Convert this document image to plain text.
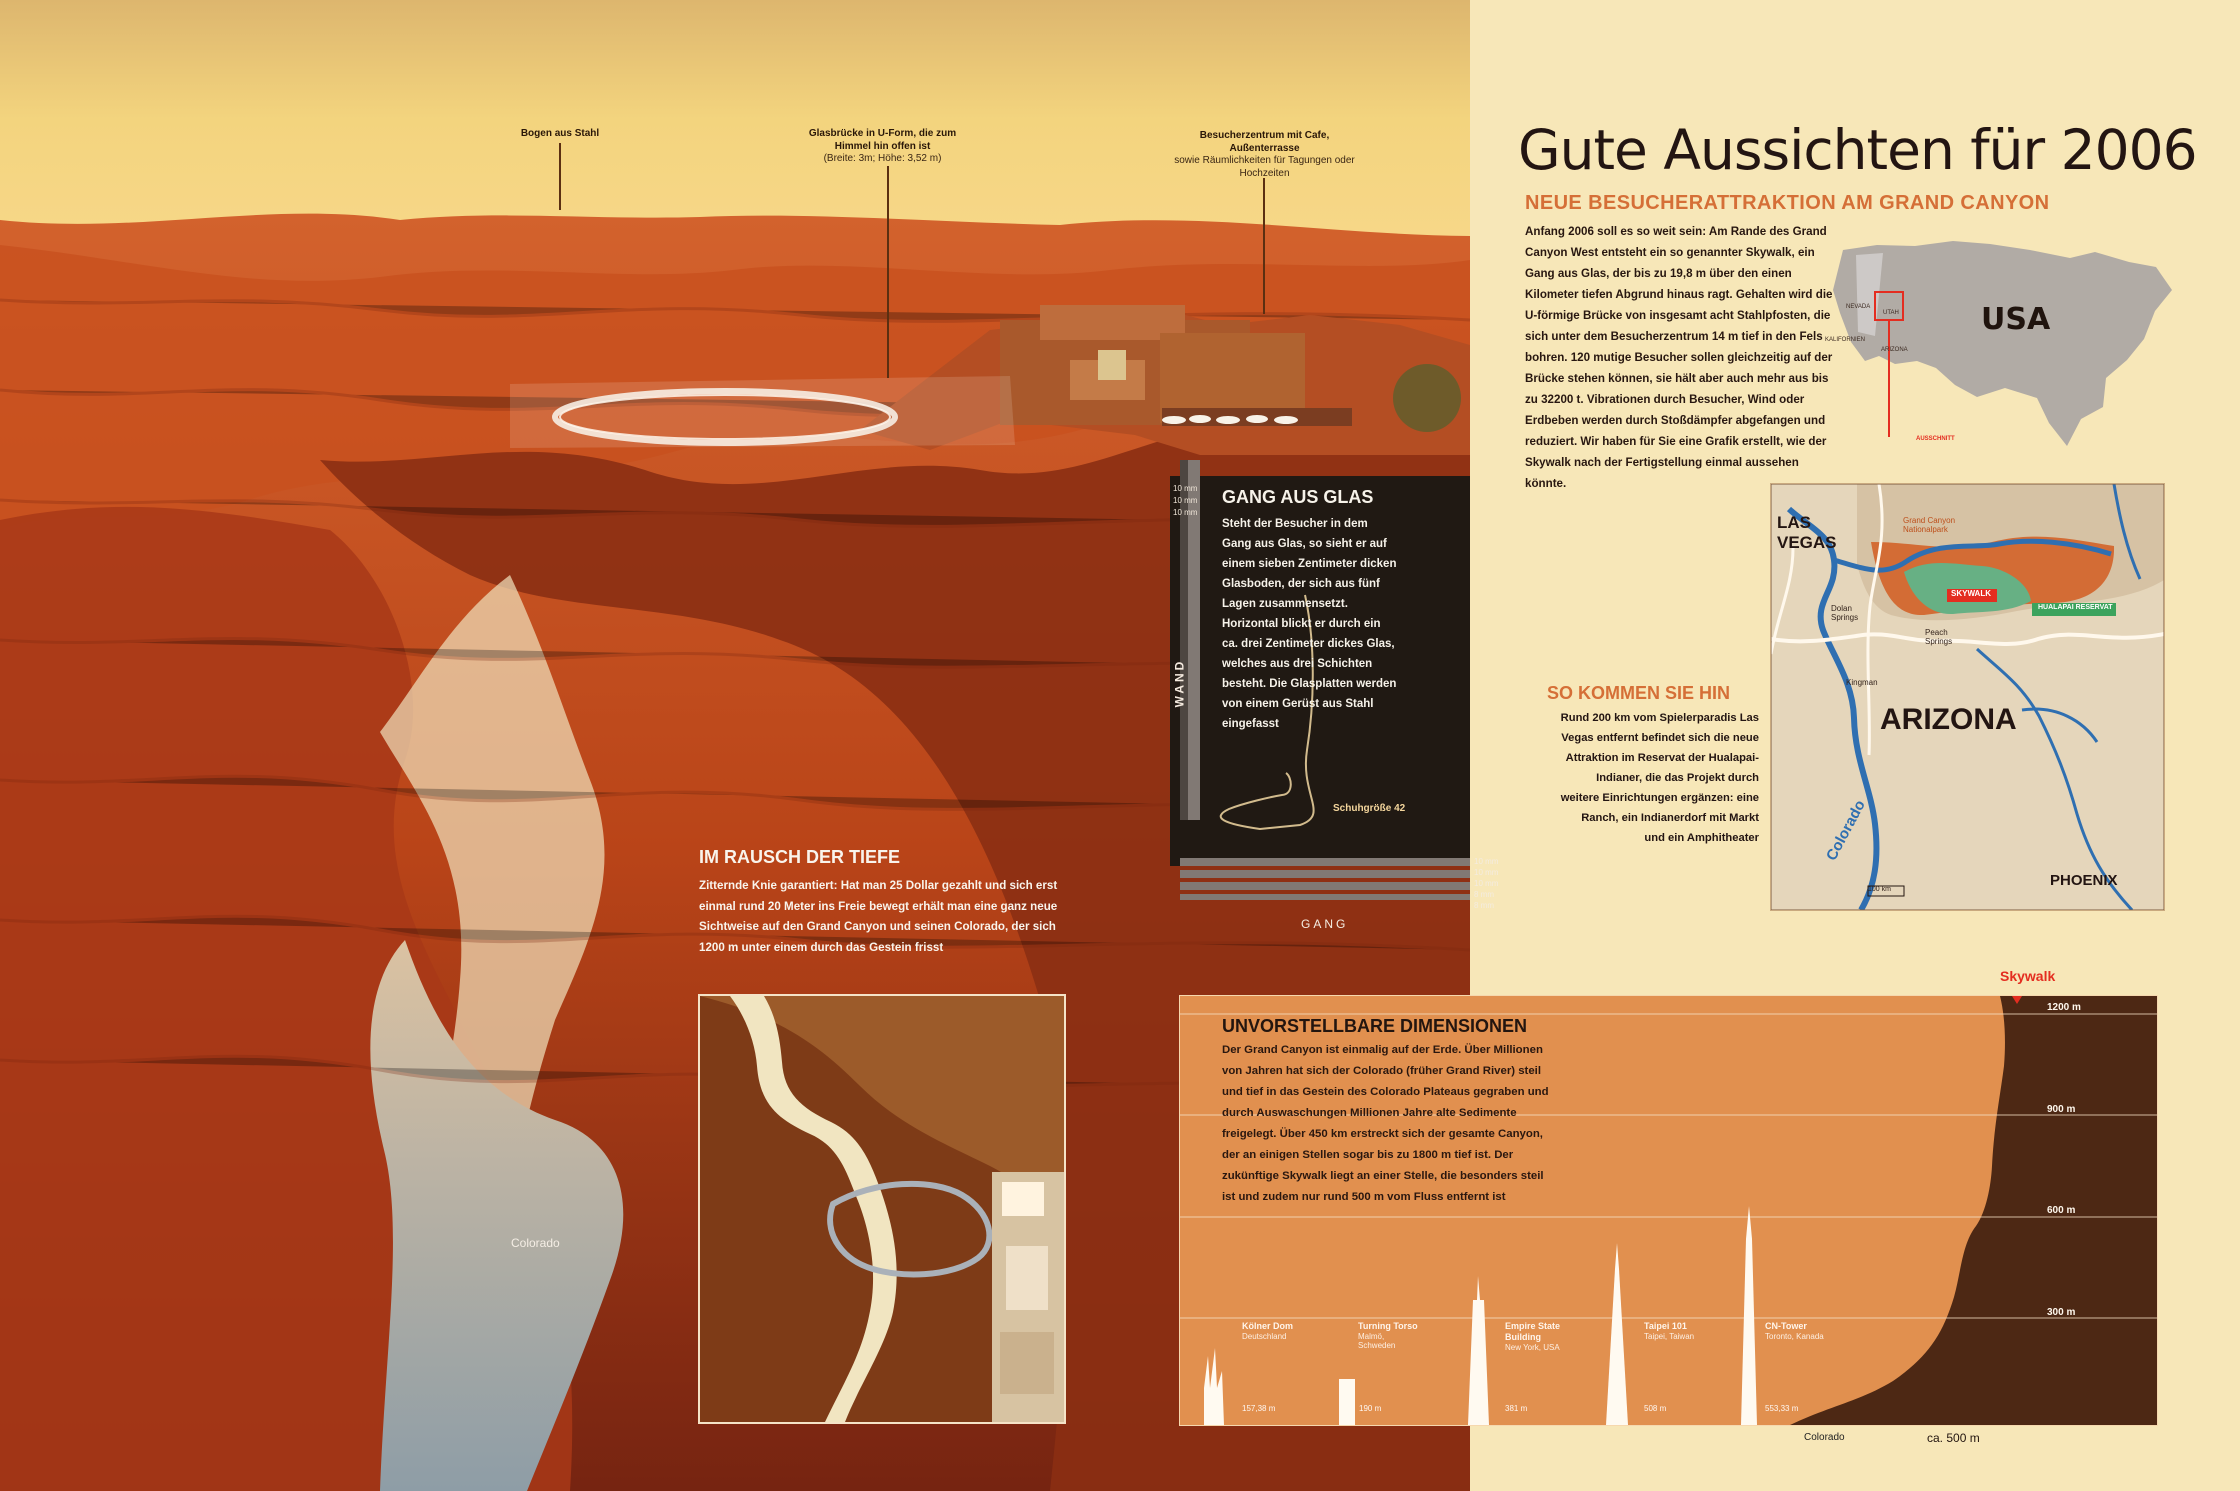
Bogen aus Stahl	Glasbrücke in U-Form, die zum Himmel hin offen ist
(Breite: 3m; Höhe: 3,52 m)
Besucherzentrum mit Cafe, Außenterrasse
sowie Räumlichkeiten für Tagungen oder Hochzeiten	Gute Aussichten für 2006
NEUE BESUCHERATTRAKTION AM GRAND CANYON
Anfang 2006 soll es so weit sein: Am Rande des Grand Canyon West entsteht ein so genannter Skywalk, ein Gang aus Glas, der bis zu 19,8 m über den einen Kilometer tiefen Abgrund hinaus ragt. Gehalten wird die U-förmige Brücke von insgesamt acht Stahlpfosten, die sich unter dem Besucherzentrum 14 m tief in den Fels bohren. 120 mutige Besucher sollen gleichzeitig auf der Brücke stehen können, sie hält aber auch mehr aus bis zu 32200 t. Vibrationen durch Besucher, Wind oder Erdbeben werden durch Stoßdämpfer abgefangen und reduziert. Wir haben für Sie eine Grafik erstellt, wie der Skywalk nach der Fertigstellung einmal aussehen könnte.
USA
NEVADA
UTAH
KALIFORNIEN
ARIZONA
AUSSCHNITT
LAS VEGAS
ARIZONA
PHOENIX
Colorado
Grand Canyon Nationalpark
Dolan Springs
Peach Springs
Kingman
SKYWALK
HUALAPAI RESERVAT
100 km
SO KOMMEN SIE HIN
Rund 200 km vom Spielerparadis Las Vegas entfernt befindet sich die neue Attraktion im Reservat der Hualapai-Indianer, die das Projekt durch weitere Einrichtungen ergänzen: eine Ranch, ein Indianerdorf mit Markt und ein Amphitheater
GANG AUS GLAS
Steht der Besucher in dem Gang aus Glas, so sieht er auf einem sieben Zentimeter dicken Glasboden, der sich aus fünf Lagen zusammensetzt. Horizontal blickt er durch ein ca. drei Zentimeter dickes Glas, welches aus drei Schichten besteht. Die Glasplatten werden von einem Gerüst aus Stahl eingefasst
WAND
GANG
Schuhgröße 42
10 mm
10 mm
10 mm
8 mm
8 mm
10 mm
10 mm
10 mm
IM RAUSCH DER TIEFE
Zitternde Knie garantiert: Hat man 25 Dollar gezahlt und sich erst einmal rund 20 Meter ins Freie bewegt erhält man eine ganz neue Sichtweise auf den Grand Canyon und seinen Colorado, der sich 1200 m unter einem durch das Gestein frisst
Colorado
UNVORSTELLBARE DIMENSIONEN
Der Grand Canyon ist einmalig auf der Erde. Über Millionen von Jahren hat sich der Colorado (früher Grand River) steil und tief in das Gestein des Colorado Plateaus gegraben und durch Auswaschungen Millionen Jahre alte Sedimente freigelegt. Über 450 km erstreckt sich der gesamte Canyon, der an einigen Stellen sogar bis zu 1800 m tief ist. Der zukünftige Skywalk liegt an einer Stelle, die besonders steil ist und zudem nur rund 500 m vom Fluss entfernt ist
Skywalk
1200 m
900 m
600 m
300 m
Kölner Dom
Deutschland
157,38 m
Turning Torso
Malmö, Schweden
190 m
Empire State Building
New York, USA
381 m
Taipei 101
Taipei, Taiwan
508 m
CN-Tower
Toronto, Kanada
553,33 m
ca. 500 m
Colorado
